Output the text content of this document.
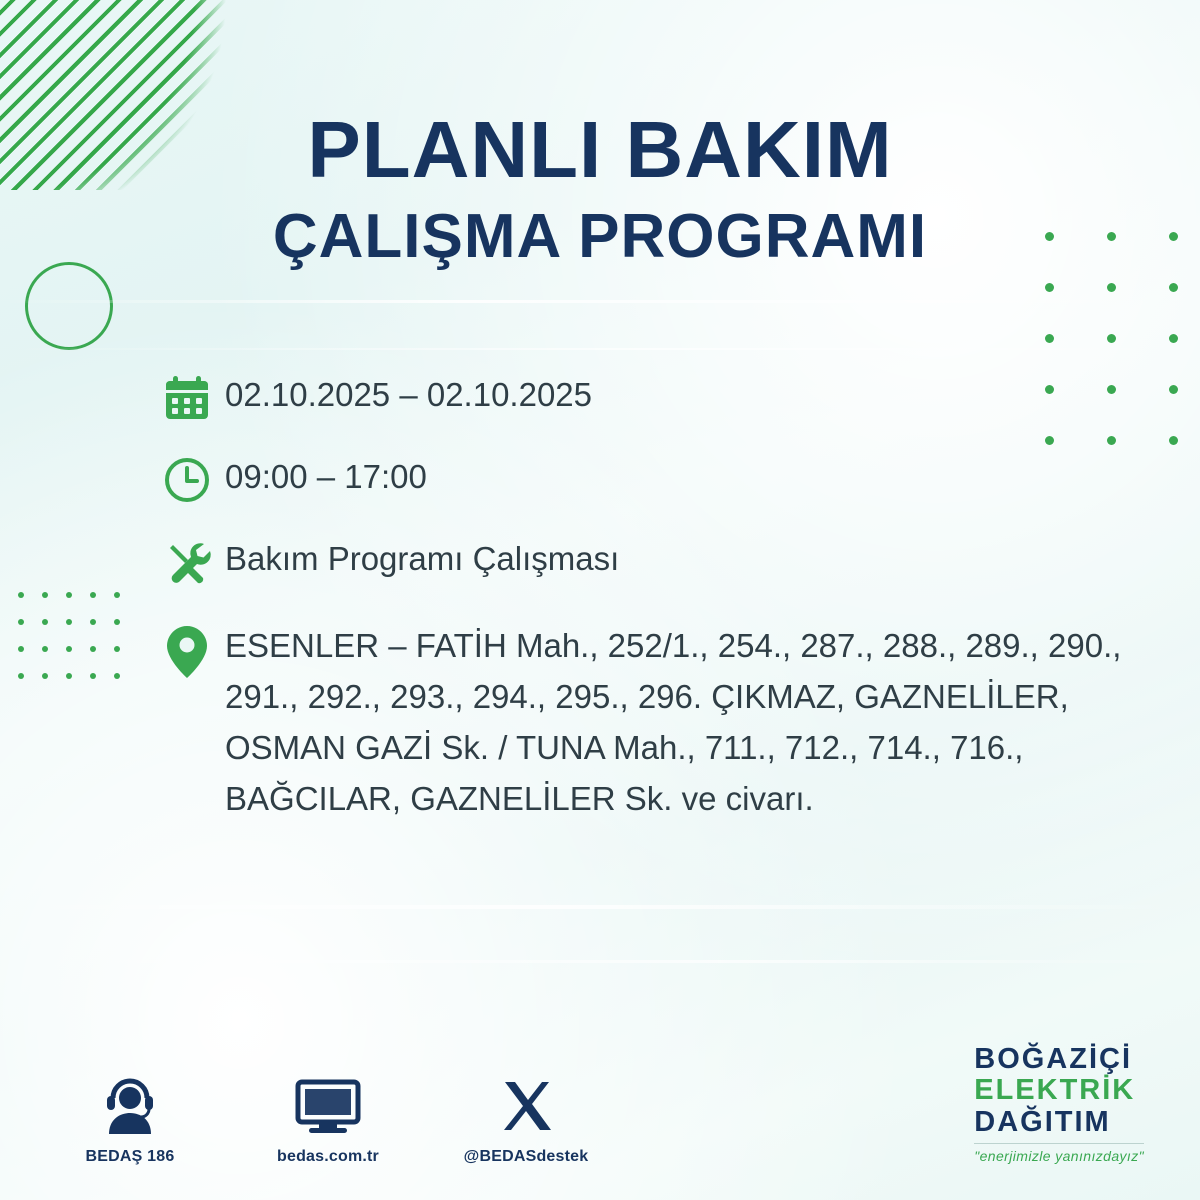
PLANLI BAKIM
ÇALIŞMA PROGRAMI
02.10.2025 – 02.10.2025
09:00 – 17:00
Bakım Programı Çalışması
ESENLER – FATİH Mah., 252/1., 254., 287., 288., 289., 290., 291., 292., 293., 294., 295., 296. ÇIKMAZ, GAZNELİLER, OSMAN GAZİ Sk. / TUNA Mah., 711., 712., 714., 716., BAĞCILAR, GAZNELİLER Sk. ve civarı.
BEDAŞ 186	bedas.com.tr	@BEDASdestek
BOĞAZİÇİ
ELEKTRİK
DAĞITIM
"enerjimizle yanınızdayız"
